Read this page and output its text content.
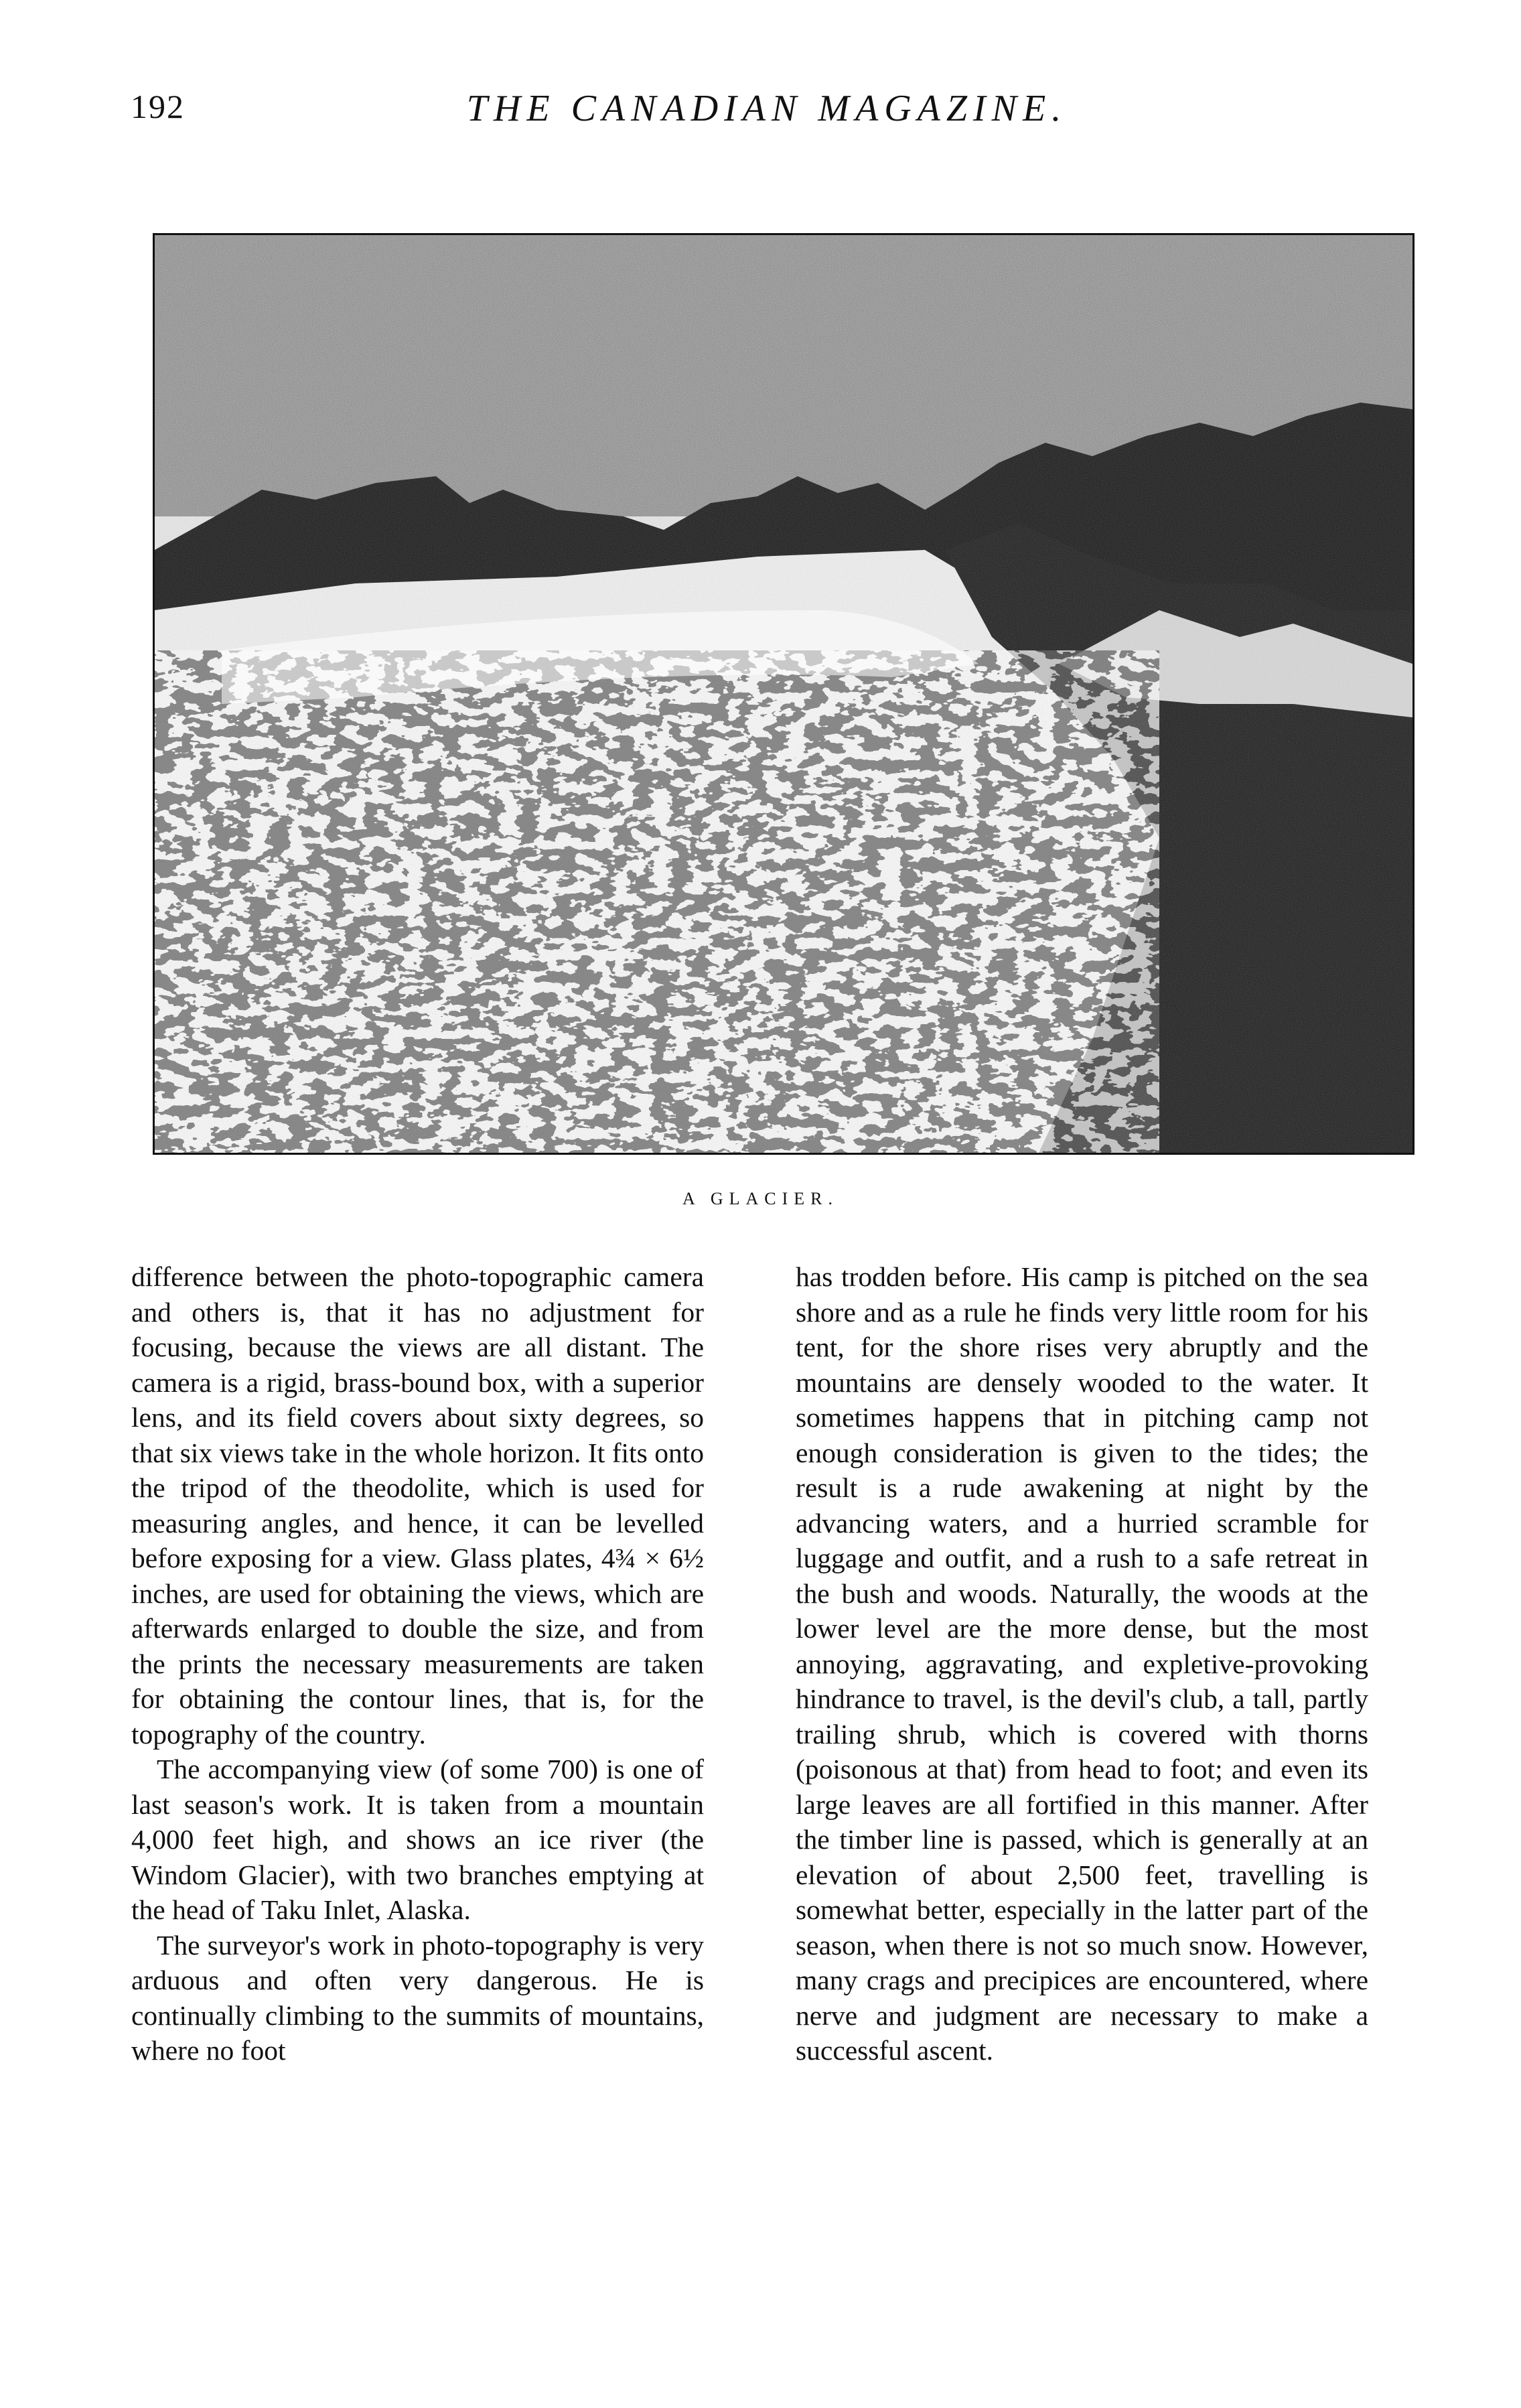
192	THE CANADIAN MAGAZINE.
A GLACIER.

difference between the photo-topographic camera and others is, that it has no adjustment for focusing, because the views are all distant. The camera is a rigid, brass-bound box, with a superior lens, and its field covers about sixty degrees, so that six views take in the whole horizon. It fits onto the tripod of the theodolite, which is used for measuring angles, and hence, it can be levelled before exposing for a view. Glass plates, 4¾ × 6½ inches, are used for obtaining the views, which are afterwards enlarged to double the size, and from the prints the necessary measurements are taken for obtaining the contour lines, that is, for the topography of the country.

The accompanying view (of some 700) is one of last season's work. It is taken from a mountain 4,000 feet high, and shows an ice river (the Windom Glacier), with two branches emptying at the head of Taku Inlet, Alaska.

The surveyor's work in photo-topography is very arduous and often very dangerous. He is continually climbing to the summits of mountains, where no foot

has trodden before. His camp is pitched on the sea shore and as a rule he finds very little room for his tent, for the shore rises very abruptly and the mountains are densely wooded to the water. It sometimes happens that in pitching camp not enough consideration is given to the tides; the result is a rude awakening at night by the advancing waters, and a hurried scramble for luggage and outfit, and a rush to a safe retreat in the bush and woods. Naturally, the woods at the lower level are the more dense, but the most annoying, aggravating, and expletive-provoking hindrance to travel, is the devil's club, a tall, partly trailing shrub, which is covered with thorns (poisonous at that) from head to foot; and even its large leaves are all fortified in this manner. After the timber line is passed, which is generally at an elevation of about 2,500 feet, travelling is somewhat better, especially in the latter part of the season, when there is not so much snow. However, many crags and precipices are encountered, where nerve and judgment are necessary to make a successful ascent.
